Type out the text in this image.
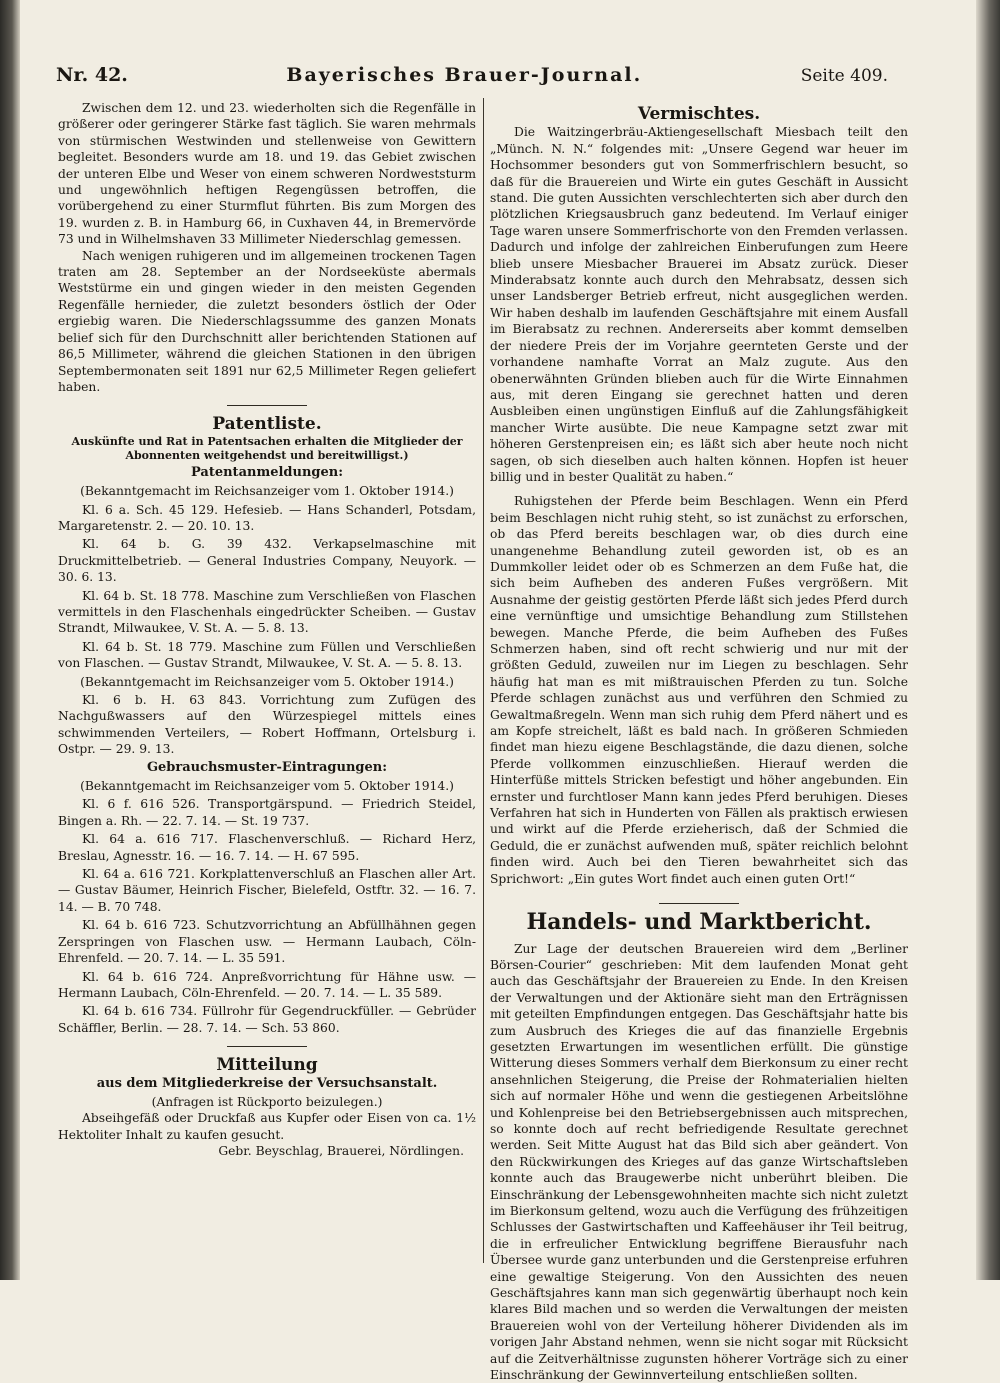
Nr. 42.	Bayerisches Brauer-Journal.	Seite 409.

Zwischen dem 12. und 23. wiederholten sich die Regenfälle in größerer oder geringerer Stärke fast täglich. Sie waren mehrmals von stürmischen Westwinden und stellenweise von Gewittern begleitet. Besonders wurde am 18. und 19. das Gebiet zwischen der unteren Elbe und Weser von einem schweren Nordweststurm und ungewöhnlich heftigen Regengüssen betroffen, die vorübergehend zu einer Sturmflut führten. Bis zum Morgen des 19. wurden z. B. in Hamburg 66, in Cuxhaven 44, in Bremervörde 73 und in Wilhelmshaven 33 Millimeter Niederschlag gemessen.

Nach wenigen ruhigeren und im allgemeinen trockenen Tagen traten am 28. September an der Nordseeküste abermals Weststürme ein und gingen wieder in den meisten Gegenden Regenfälle hernieder, die zuletzt besonders östlich der Oder ergiebig waren. Die Niederschlagssumme des ganzen Monats belief sich für den Durchschnitt aller berichtenden Stationen auf 86,5 Millimeter, während die gleichen Stationen in den übrigen Septembermonaten seit 1891 nur 62,5 Millimeter Regen geliefert haben.

Patentliste.
Auskünfte und Rat in Patentsachen erhalten die Mitglieder der Abonnenten weitgehendst und bereitwilligst.)
Patentanmeldungen:

(Bekanntgemacht im Reichsanzeiger vom 1. Oktober 1914.)

Kl. 6 a. Sch. 45 129. Hefesieb. — Hans Schanderl, Potsdam, Margaretenstr. 2. — 20. 10. 13.

Kl. 64 b. G. 39 432. Verkapselmaschine mit Druckmittelbetrieb. — General Industries Company, Neuyork. — 30. 6. 13.

Kl. 64 b. St. 18 778. Maschine zum Verschließen von Flaschen vermittels in den Flaschenhals eingedrückter Scheiben. — Gustav Strandt, Milwaukee, V. St. A. — 5. 8. 13.

Kl. 64 b. St. 18 779. Maschine zum Füllen und Verschließen von Flaschen. — Gustav Strandt, Milwaukee, V. St. A. — 5. 8. 13.

(Bekanntgemacht im Reichsanzeiger vom 5. Oktober 1914.)

Kl. 6 b. H. 63 843. Vorrichtung zum Zufügen des Nachgußwassers auf den Würzespiegel mittels eines schwimmenden Verteilers, — Robert Hoffmann, Ortelsburg i. Ostpr. — 29. 9. 13.

Gebrauchsmuster-Eintragungen:

(Bekanntgemacht im Reichsanzeiger vom 5. Oktober 1914.)

Kl. 6 f. 616 526. Transportgärspund. — Friedrich Steidel, Bingen a. Rh. — 22. 7. 14. — St. 19 737.

Kl. 64 a. 616 717. Flaschenverschluß. — Richard Herz, Breslau, Agnesstr. 16. — 16. 7. 14. — H. 67 595.

Kl. 64 a. 616 721. Korkplattenverschluß an Flaschen aller Art. — Gustav Bäumer, Heinrich Fischer, Bielefeld, Ostftr. 32. — 16. 7. 14. — B. 70 748.

Kl. 64 b. 616 723. Schutzvorrichtung an Abfüllhähnen gegen Zerspringen von Flaschen usw. — Hermann Laubach, Cöln-Ehrenfeld. — 20. 7. 14. — L. 35 591.

Kl. 64 b. 616 724. Anpreßvorrichtung für Hähne usw. — Hermann Laubach, Cöln-Ehrenfeld. — 20. 7. 14. — L. 35 589.

Kl. 64 b. 616 734. Füllrohr für Gegendruckfüller. — Gebrüder Schäffler, Berlin. — 28. 7. 14. — Sch. 53 860.

Mitteilung
aus dem Mitgliederkreise der Versuchsanstalt.

(Anfragen ist Rückporto beizulegen.)

Abseihgefäß oder Druckfaß aus Kupfer oder Eisen von ca. 1½ Hektoliter Inhalt zu kaufen gesucht.

Gebr. Beyschlag, Brauerei, Nördlingen.

Vermischtes.

Die Waitzingerbräu-Aktiengesellschaft Miesbach teilt den „Münch. N. N.“ folgendes mit: „Unsere Gegend war heuer im Hochsommer besonders gut von Sommerfrischlern besucht, so daß für die Brauereien und Wirte ein gutes Geschäft in Aussicht stand. Die guten Aussichten verschlechterten sich aber durch den plötzlichen Kriegsausbruch ganz bedeutend. Im Verlauf einiger Tage waren unsere Sommerfrischorte von den Fremden verlassen. Dadurch und infolge der zahlreichen Einberufungen zum Heere blieb unsere Miesbacher Brauerei im Absatz zurück. Dieser Minderabsatz konnte auch durch den Mehrabsatz, dessen sich unser Landsberger Betrieb erfreut, nicht ausgeglichen werden. Wir haben deshalb im laufenden Geschäftsjahre mit einem Ausfall im Bierabsatz zu rechnen. Andererseits aber kommt demselben der niedere Preis der im Vorjahre geernteten Gerste und der vorhandene namhafte Vorrat an Malz zugute. Aus den obenerwähnten Gründen blieben auch für die Wirte Einnahmen aus, mit deren Eingang sie gerechnet hatten und deren Ausbleiben einen ungünstigen Einfluß auf die Zahlungsfähigkeit mancher Wirte ausübte. Die neue Kampagne setzt zwar mit höheren Gerstenpreisen ein; es läßt sich aber heute noch nicht sagen, ob sich dieselben auch halten können. Hopfen ist heuer billig und in bester Qualität zu haben.“

Ruhigstehen der Pferde beim Beschlagen. Wenn ein Pferd beim Beschlagen nicht ruhig steht, so ist zunächst zu erforschen, ob das Pferd bereits beschlagen war, ob dies durch eine unangenehme Behandlung zuteil geworden ist, ob es an Dummkoller leidet oder ob es Schmerzen an dem Fuße hat, die sich beim Aufheben des anderen Fußes vergrößern. Mit Ausnahme der geistig gestörten Pferde läßt sich jedes Pferd durch eine vernünftige und umsichtige Behandlung zum Stillstehen bewegen. Manche Pferde, die beim Aufheben des Fußes Schmerzen haben, sind oft recht schwierig und nur mit der größten Geduld, zuweilen nur im Liegen zu beschlagen. Sehr häufig hat man es mit mißtrauischen Pferden zu tun. Solche Pferde schlagen zunächst aus und verführen den Schmied zu Gewaltmaßregeln. Wenn man sich ruhig dem Pferd nähert und es am Kopfe streichelt, läßt es bald nach. In größeren Schmieden findet man hiezu eigene Beschlagstände, die dazu dienen, solche Pferde vollkommen einzuschließen. Hierauf werden die Hinterfüße mittels Stricken befestigt und höher angebunden. Ein ernster und furchtloser Mann kann jedes Pferd beruhigen. Dieses Verfahren hat sich in Hunderten von Fällen als praktisch erwiesen und wirkt auf die Pferde erzieherisch, daß der Schmied die Geduld, die er zunächst aufwenden muß, später reichlich belohnt finden wird. Auch bei den Tieren bewahrheitet sich das Sprichwort: „Ein gutes Wort findet auch einen guten Ort!“

Handels- und Marktbericht.

Zur Lage der deutschen Brauereien wird dem „Berliner Börsen-Courier“ geschrieben: Mit dem laufenden Monat geht auch das Geschäftsjahr der Brauereien zu Ende. In den Kreisen der Verwaltungen und der Aktionäre sieht man den Erträgnissen mit geteilten Empfindungen entgegen. Das Geschäftsjahr hatte bis zum Ausbruch des Krieges die auf das finanzielle Ergebnis gesetzten Erwartungen im wesentlichen erfüllt. Die günstige Witterung dieses Sommers verhalf dem Bierkonsum zu einer recht ansehnlichen Steigerung, die Preise der Rohmaterialien hielten sich auf normaler Höhe und wenn die gestiegenen Arbeitslöhne und Kohlenpreise bei den Betriebsergebnissen auch mitsprechen, so konnte doch auf recht befriedigende Resultate gerechnet werden. Seit Mitte August hat das Bild sich aber geändert. Von den Rückwirkungen des Krieges auf das ganze Wirtschaftsleben konnte auch das Braugewerbe nicht unberührt bleiben. Die Einschränkung der Lebensgewohnheiten machte sich nicht zuletzt im Bierkonsum geltend, wozu auch die Verfügung des frühzeitigen Schlusses der Gastwirtschaften und Kaffeehäuser ihr Teil beitrug, die in erfreulicher Entwicklung begriffene Bierausfuhr nach Übersee wurde ganz unterbunden und die Gerstenpreise erfuhren eine gewaltige Steigerung. Von den Aussichten des neuen Geschäftsjahres kann man sich gegenwärtig überhaupt noch kein klares Bild machen und so werden die Verwaltungen der meisten Brauereien wohl von der Verteilung höherer Dividenden als im vorigen Jahr Abstand nehmen, wenn sie nicht sogar mit Rücksicht auf die Zeitverhältnisse zugunsten höherer Vorträge sich zu einer Einschränkung der Gewinnverteilung entschließen sollten.
